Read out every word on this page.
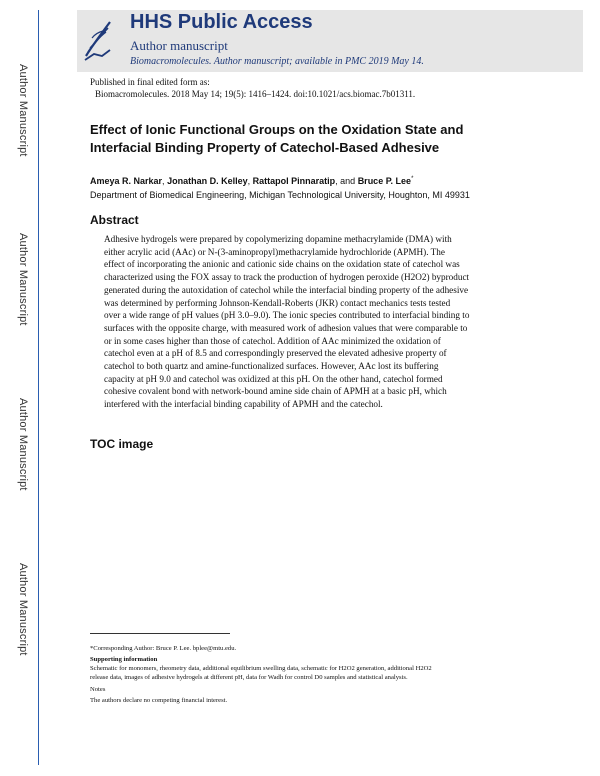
Author Manuscript
Author Manuscript
Author Manuscript
Author Manuscript
HHS Public Access
Author manuscript
Biomacromolecules. Author manuscript; available in PMC 2019 May 14.
Published in final edited form as:
Biomacromolecules. 2018 May 14; 19(5): 1416–1424. doi:10.1021/acs.biomac.7b01311.
Effect of Ionic Functional Groups on the Oxidation State and
Interfacial Binding Property of Catechol-Based Adhesive
Ameya R. Narkar, Jonathan D. Kelley, Rattapol Pinnaratip, and Bruce P. Lee*
Department of Biomedical Engineering, Michigan Technological University, Houghton, MI 49931
Abstract
Adhesive hydrogels were prepared by copolymerizing dopamine methacrylamide (DMA) with
either acrylic acid (AAc) or N-(3-aminopropyl)methacrylamide hydrochloride (APMH). The
effect of incorporating the anionic and cationic side chains on the oxidation state of catechol was
characterized using the FOX assay to track the production of hydrogen peroxide (H2O2) byproduct
generated during the autoxidation of catechol while the interfacial binding property of the adhesive
was determined by performing Johnson-Kendall-Roberts (JKR) contact mechanics tests tested
over a wide range of pH values (pH 3.0–9.0). The ionic species contributed to interfacial binding to
surfaces with the opposite charge, with measured work of adhesion values that were comparable to
or in some cases higher than those of catechol. Addition of AAc minimized the oxidation of
catechol even at a pH of 8.5 and correspondingly preserved the elevated adhesive property of
catechol to both quartz and amine-functionalized surfaces. However, AAc lost its buffering
capacity at pH 9.0 and catechol was oxidized at this pH. On the other hand, catechol formed
cohesive covalent bond with network-bound amine side chain of APMH at a basic pH, which
interfered with the interfacial binding capability of APMH and the catechol.
TOC image
*Corresponding Author: Bruce P. Lee. bplee@mtu.edu.
Supporting information
Schematic for monomers, rheometry data, additional equilibrium swelling data, schematic for H2O2 generation, additional H2O2
release data, images of adhesive hydrogels at different pH, data for Wadh for control D0 samples and statistical analysis.
Notes
The authors declare no competing financial interest.
